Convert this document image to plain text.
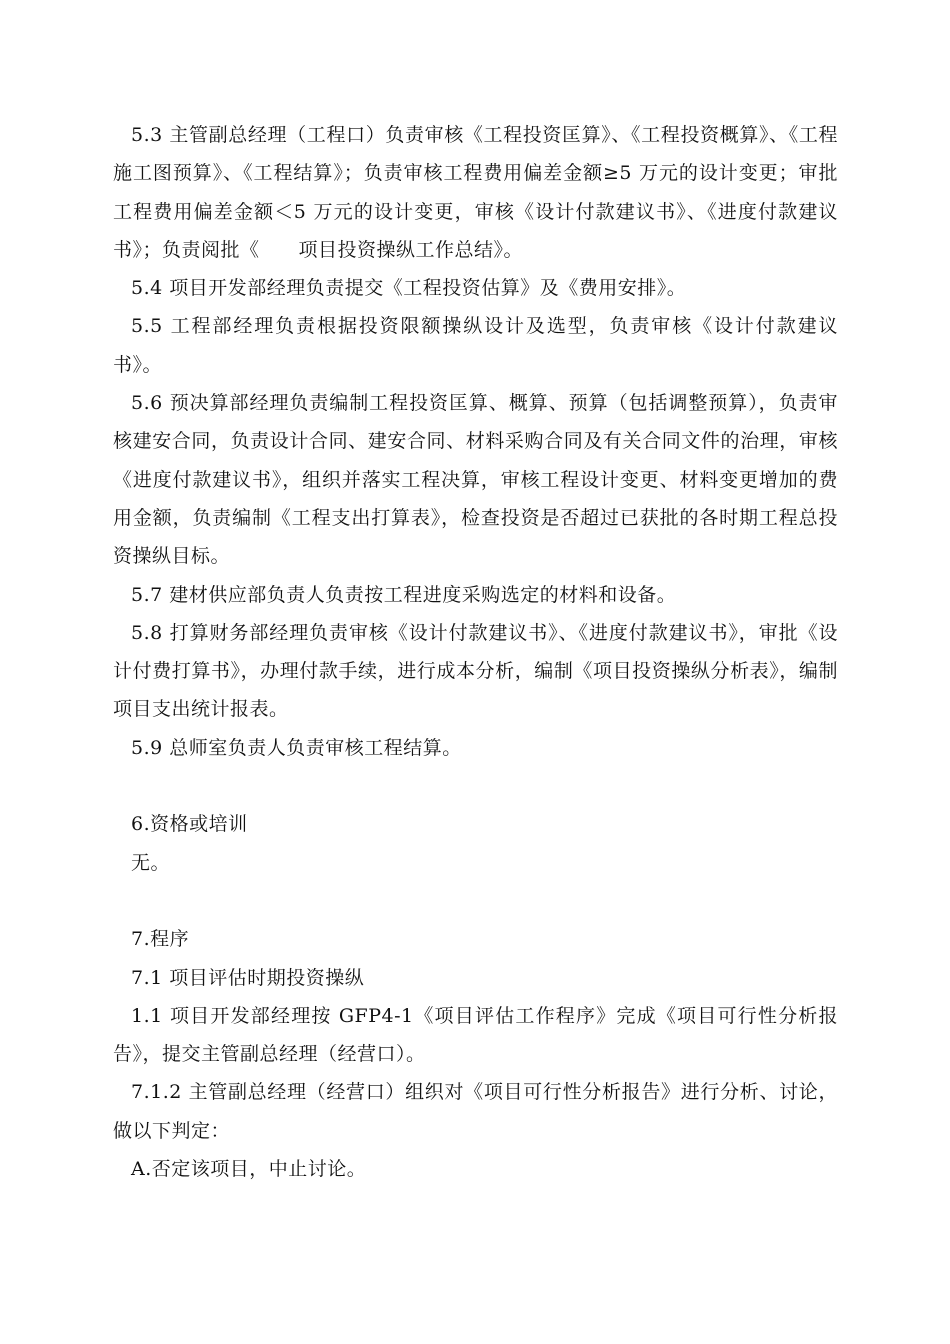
5.3 主管副总经理（工程口）负责审核《工程投资匡算》、《工程投资概算》、《工程施工图预算》、《工程结算》；负责审核工程费用偏差金额≥5 万元的设计变更；审批工程费用偏差金额＜5 万元的设计变更，审核《设计付款建议书》、《进度付款建议书》；负责阅批《　　项目投资操纵工作总结》。

5.4 项目开发部经理负责提交《工程投资估算》及《费用安排》。

5.5 工程部经理负责根据投资限额操纵设计及选型，负责审核《设计付款建议书》。

5.6 预决算部经理负责编制工程投资匡算、概算、预算（包括调整预算），负责审核建安合同，负责设计合同、建安合同、材料采购合同及有关合同文件的治理，审核《进度付款建议书》，组织并落实工程决算，审核工程设计变更、材料变更增加的费用金额，负责编制《工程支出打算表》，检查投资是否超过已获批的各时期工程总投资操纵目标。

5.7 建材供应部负责人负责按工程进度采购选定的材料和设备。

5.8 打算财务部经理负责审核《设计付款建议书》、《进度付款建议书》，审批《设计付费打算书》，办理付款手续，进行成本分析，编制《项目投资操纵分析表》，编制项目支出统计报表。

5.9 总师室负责人负责审核工程结算。

6.资格或培训

无。

7.程序

7.1 项目评估时期投资操纵

1.1 项目开发部经理按 GFP4-1《项目评估工作程序》完成《项目可行性分析报告》，提交主管副总经理（经营口）。

7.1.2 主管副总经理（经营口）组织对《项目可行性分析报告》进行分析、讨论，做以下判定：

A.否定该项目，中止讨论。
